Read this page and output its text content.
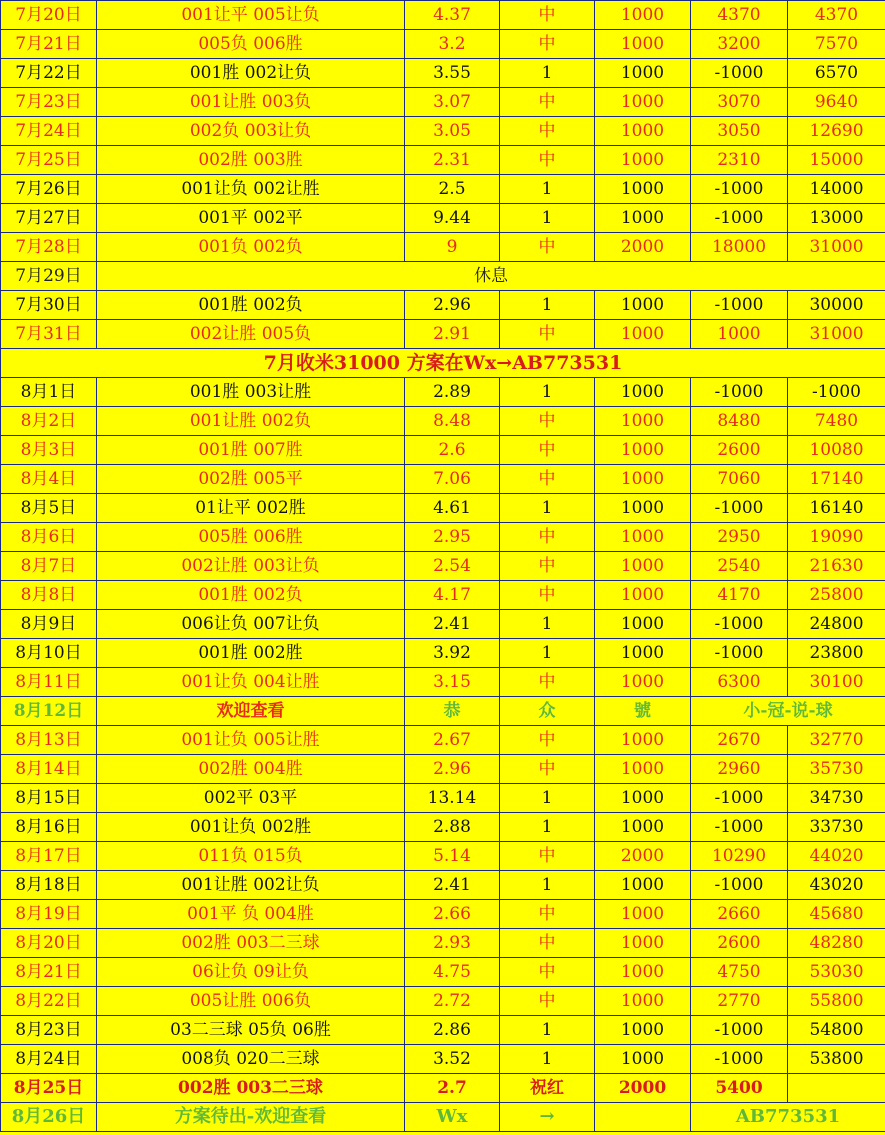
7月20日	001让平 005让负	4.37	中	1000	4370	4370
7月21日	005负 006胜	3.2	中	1000	3200	7570
7月22日	001胜 002让负	3.55	1	1000	-1000	6570
7月23日	001让胜 003负	3.07	中	1000	3070	9640
7月24日	002负 003让负	3.05	中	1000	3050	12690
7月25日	002胜 003胜	2.31	中	1000	2310	15000
7月26日	001让负 002让胜	2.5	1	1000	-1000	14000
7月27日	001平 002平	9.44	1	1000	-1000	13000
7月28日	001负 002负	9	中	2000	18000	31000
7月29日	休息					
7月30日	001胜 002负	2.96	1	1000	-1000	30000
7月31日	002让胜 005负	2.91	中	1000	1000	31000
7月收米31000 方案在Wx→AB773531						
8月1日	001胜 003让胜	2.89	1	1000	-1000	-1000
8月2日	001让胜 002负	8.48	中	1000	8480	7480
8月3日	001胜 007胜	2.6	中	1000	2600	10080
8月4日	002胜 005平	7.06	中	1000	7060	17140
8月5日	01让平 002胜	4.61	1	1000	-1000	16140
8月6日	005胜 006胜	2.95	中	1000	2950	19090
8月7日	002让胜 003让负	2.54	中	1000	2540	21630
8月8日	001胜 002负	4.17	中	1000	4170	25800
8月9日	006让负 007让负	2.41	1	1000	-1000	24800
8月10日	001胜 002胜	3.92	1	1000	-1000	23800
8月11日	001让负 004让胜	3.15	中	1000	6300	30100
8月12日	欢迎查看	恭	众	號	小-冠-说-球	
8月13日	001让负 005让胜	2.67	中	1000	2670	32770
8月14日	002胜 004胜	2.96	中	1000	2960	35730
8月15日	002平 03平	13.14	1	1000	-1000	34730
8月16日	001让负 002胜	2.88	1	1000	-1000	33730
8月17日	011负 015负	5.14	中	2000	10290	44020
8月18日	001让胜 002让负	2.41	1	1000	-1000	43020
8月19日	001平 负 004胜	2.66	中	1000	2660	45680
8月20日	002胜 003二三球	2.93	中	1000	2600	48280
8月21日	06让负 09让负	4.75	中	1000	4750	53030
8月22日	005让胜 006负	2.72	中	1000	2770	55800
8月23日	03二三球 05负 06胜	2.86	1	1000	-1000	54800
8月24日	008负 020二三球	3.52	1	1000	-1000	53800
8月25日	002胜 003二三球	2.7	祝红	2000	5400	
8月26日	方案待出-欢迎查看	Wx	→		AB773531	
